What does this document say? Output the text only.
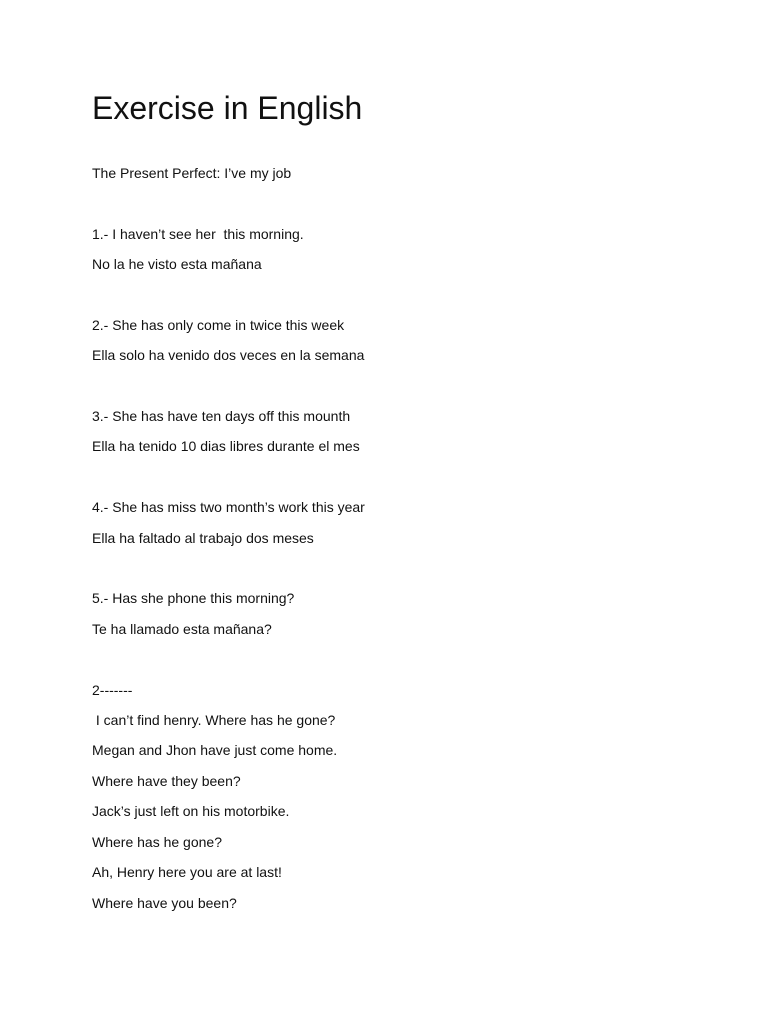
Exercise in English
The Present Perfect: I’ve my job
1.- I haven’t see her  this morning.
No la he visto esta mañana
2.- She has only come in twice this week
Ella solo ha venido dos veces en la semana
3.- She has have ten days off this mounth
Ella ha tenido 10 dias libres durante el mes
4.- She has miss two month’s work this year
Ella ha faltado al trabajo dos meses
5.- Has she phone this morning?
Te ha llamado esta mañana?
2-------
I can’t find henry. Where has he gone?
Megan and Jhon have just come home.
Where have they been?
Jack’s just left on his motorbike.
Where has he gone?
Ah, Henry here you are at last!
Where have you been?
